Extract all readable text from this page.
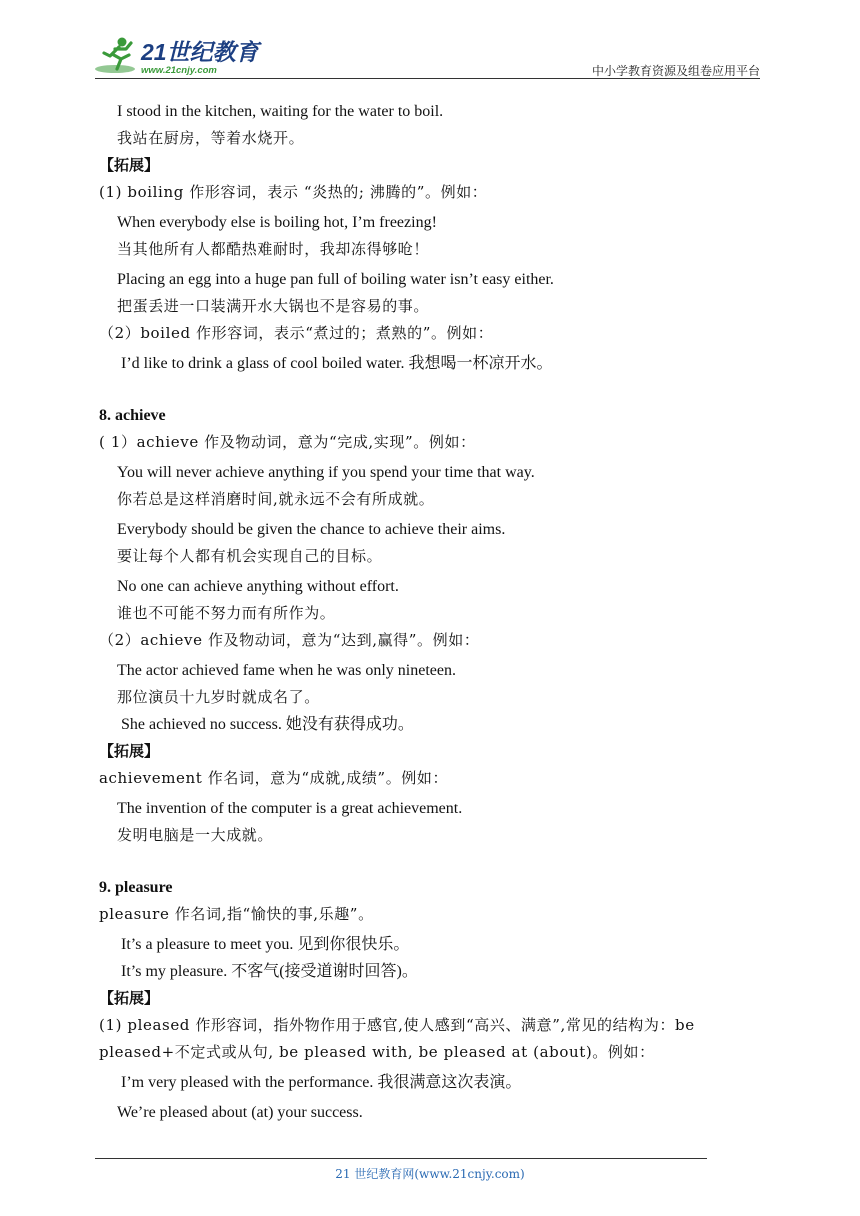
21世纪教育
www.21cnjy.com	中小学教育资源及组卷应用平台
I stood in the kitchen, waiting for the water to boil.
我站在厨房，等着水烧开。
【拓展】
(1) boiling 作形容词，表示 “炎热的; 沸腾的”。例如：
When everybody else is boiling hot, I’m freezing!
当其他所有人都酷热难耐时，我却冻得够呛！
Placing an egg into a huge pan full of boiling water isn’t easy either.
把蛋丢进一口装满开水大锅也不是容易的事。
（2）boiled 作形容词，表示“煮过的；煮熟的”。例如：
I’d like to drink a glass of cool boiled water. 我想喝一杯凉开水。
8. achieve
( 1）achieve 作及物动词，意为“完成,实现”。例如：
You will never achieve anything if you spend your time that way.
你若总是这样消磨时间,就永远不会有所成就。
Everybody should be given the chance to achieve their aims.
要让每个人都有机会实现自己的目标。
No one can achieve anything without effort.
谁也不可能不努力而有所作为。
（2）achieve 作及物动词，意为“达到,赢得”。例如：
The actor achieved fame when he was only nineteen.
那位演员十九岁时就成名了。
She achieved no success. 她没有获得成功。
【拓展】
achievement 作名词，意为“成就,成绩”。例如：
The invention of the computer is a great achievement.
发明电脑是一大成就。
9. pleasure
pleasure 作名词,指“愉快的事,乐趣”。
It’s a pleasure to meet you. 见到你很快乐。
It’s my pleasure. 不客气(接受道谢时回答)。
【拓展】
(1) pleased 作形容词，指外物作用于感官,使人感到“高兴、满意”,常见的结构为：be pleased+不定式或从句, be pleased with, be pleased at (about)。例如：
I’m very pleased with the performance. 我很满意这次表演。
We’re pleased about (at) your success.
21 世纪教育网(www.21cnjy.com)
